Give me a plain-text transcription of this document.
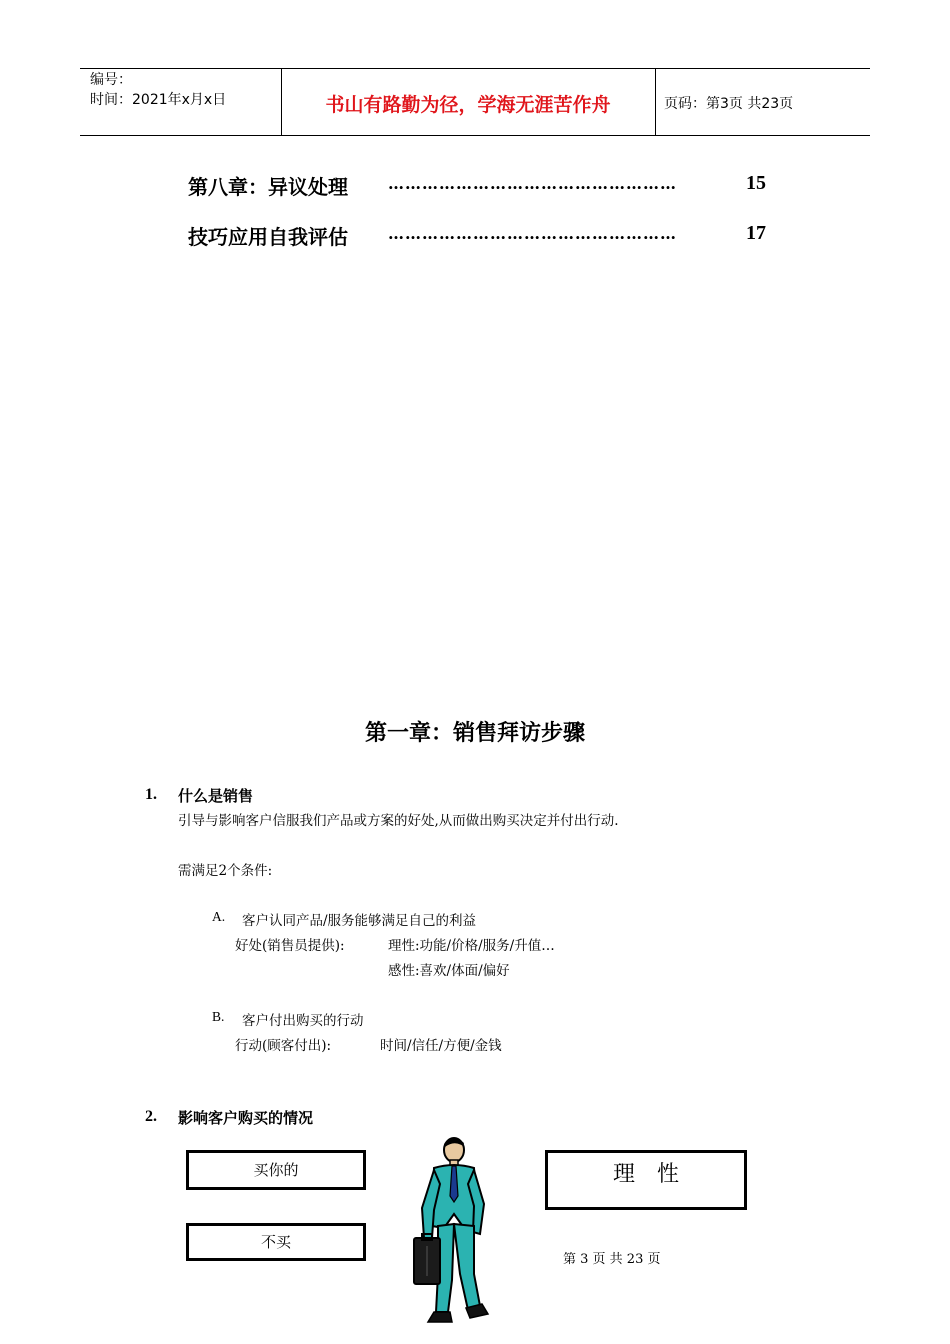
编号：
时间：2021年x月x日	书山有路勤为径，学海无涯苦作舟	页码：第3页 共23页
第八章：异议处理	……………………………………………	15
技巧应用自我评估	……………………………………………	17
第一章：销售拜访步骤
1. 什么是销售
引导与影响客户信服我们产品或方案的好处,从而做出购买决定并付出行动.
需满足2个条件:
A. 客户认同产品/服务能够满足自己的利益
好处(销售员提供):	理性:功能/价格/服务/升值…
感性:喜欢/体面/偏好
B. 客户付出购买的行动
行动(顾客付出):	时间/信任/方便/金钱
2. 影响客户购买的情况
买你的
不买
理　性
第 3 页 共 23 页
